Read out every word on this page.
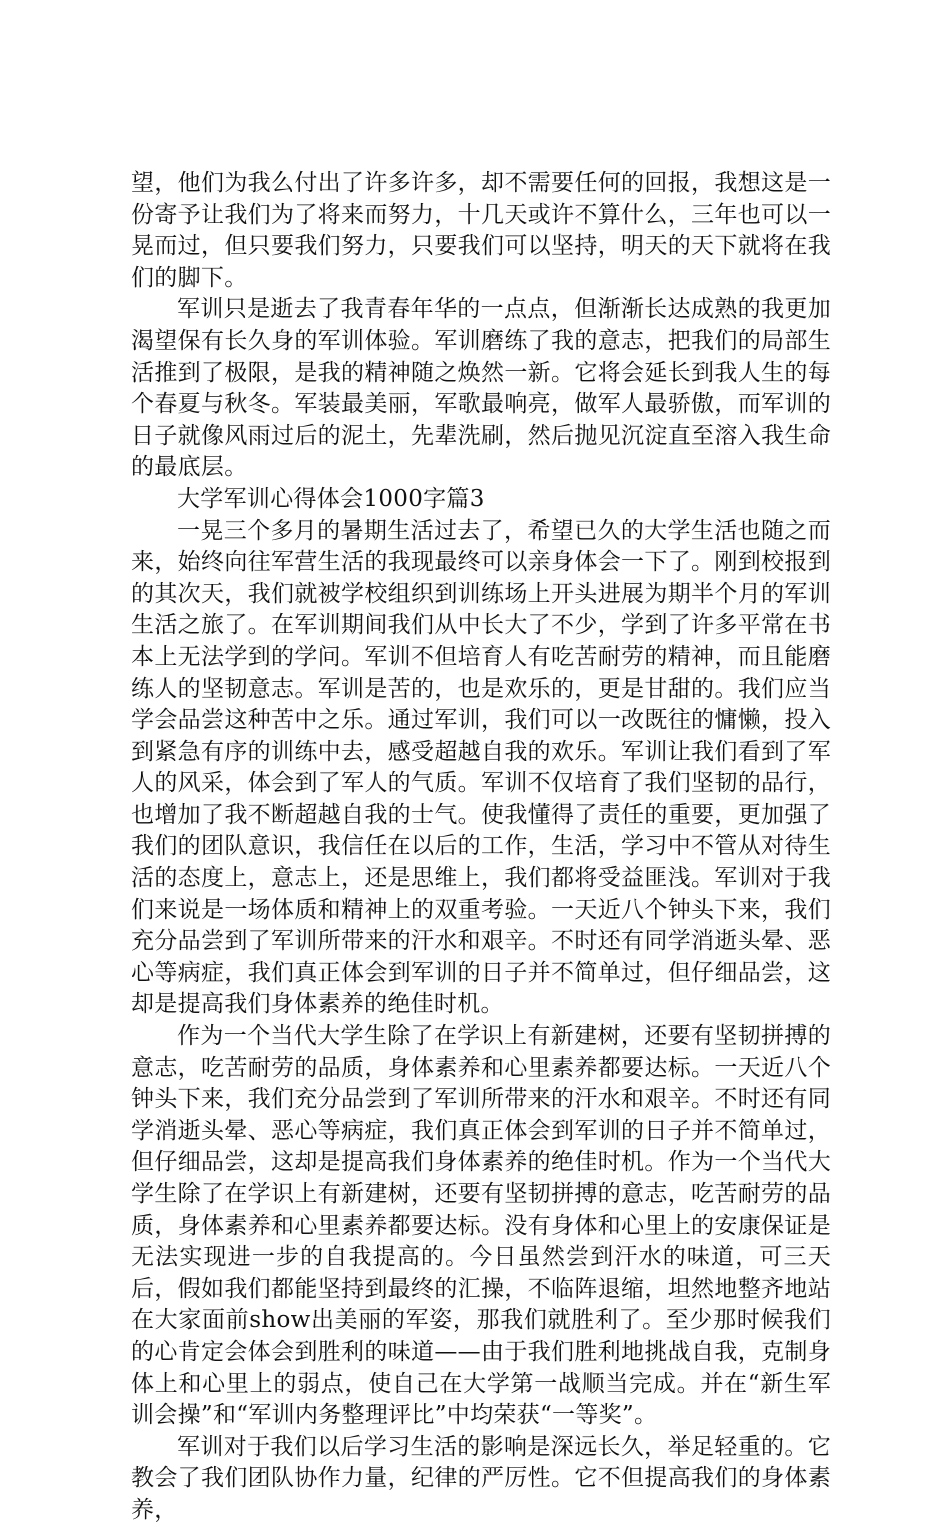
望，他们为我么付出了许多许多，却不需要任何的回报，我想这是一份寄予让我们为了将来而努力，十几天或许不算什么，三年也可以一晃而过，但只要我们努力，只要我们可以坚持，明天的天下就将在我们的脚下。

军训只是逝去了我青春年华的一点点，但渐渐长达成熟的我更加渴望保有长久身的军训体验。军训磨练了我的意志，把我们的局部生活推到了极限，是我的精神随之焕然一新。它将会延长到我人生的每个春夏与秋冬。军装最美丽，军歌最响亮，做军人最骄傲，而军训的日子就像风雨过后的泥土，先辈洗刷，然后抛见沉淀直至溶入我生命的最底层。

大学军训心得体会1000字篇3

一晃三个多月的暑期生活过去了，希望已久的大学生活也随之而来，始终向往军营生活的我现最终可以亲身体会一下了。刚到校报到的其次天，我们就被学校组织到训练场上开头进展为期半个月的军训生活之旅了。在军训期间我们从中长大了不少，学到了许多平常在书本上无法学到的学问。军训不但培育人有吃苦耐劳的精神，而且能磨练人的坚韧意志。军训是苦的，也是欢乐的，更是甘甜的。我们应当学会品尝这种苦中之乐。通过军训，我们可以一改既往的慵懒，投入到紧急有序的训练中去，感受超越自我的欢乐。军训让我们看到了军人的风采，体会到了军人的气质。军训不仅培育了我们坚韧的品行，也增加了我不断超越自我的士气。使我懂得了责任的重要，更加强了我们的团队意识，我信任在以后的工作，生活，学习中不管从对待生活的态度上，意志上，还是思维上，我们都将受益匪浅。军训对于我们来说是一场体质和精神上的双重考验。一天近八个钟头下来，我们充分品尝到了军训所带来的汗水和艰辛。不时还有同学消逝头晕、恶心等病症，我们真正体会到军训的日子并不简单过，但仔细品尝，这却是提高我们身体素养的绝佳时机。

作为一个当代大学生除了在学识上有新建树，还要有坚韧拼搏的意志，吃苦耐劳的品质，身体素养和心里素养都要达标。一天近八个钟头下来，我们充分品尝到了军训所带来的汗水和艰辛。不时还有同学消逝头晕、恶心等病症，我们真正体会到军训的日子并不简单过，但仔细品尝，这却是提高我们身体素养的绝佳时机。作为一个当代大学生除了在学识上有新建树，还要有坚韧拼搏的意志，吃苦耐劳的品质，身体素养和心里素养都要达标。没有身体和心里上的安康保证是无法实现进一步的自我提高的。今日虽然尝到汗水的味道，可三天后，假如我们都能坚持到最终的汇操，不临阵退缩，坦然地整齐地站在大家面前show出美丽的军姿，那我们就胜利了。至少那时候我们的心肯定会体会到胜利的味道——由于我们胜利地挑战自我，克制身体上和心里上的弱点，使自己在大学第一战顺当完成。并在“新生军训会操”和“军训内务整理评比”中均荣获“一等奖”。

军训对于我们以后学习生活的影响是深远长久，举足轻重的。它教会了我们团队协作力量，纪律的严厉性。它不但提高我们的身体素养，
